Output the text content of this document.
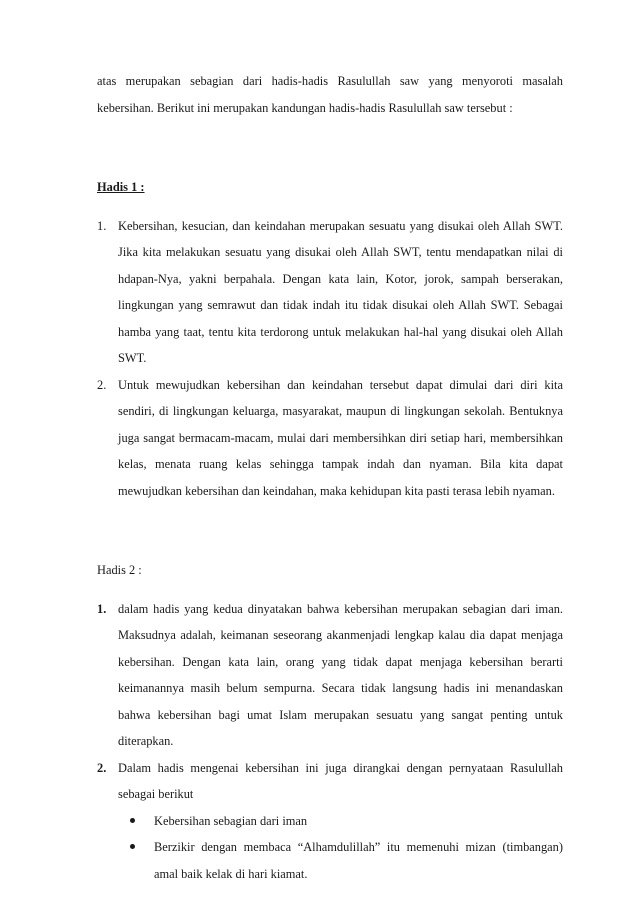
atas merupakan sebagian dari hadis-hadis Rasulullah saw yang menyoroti masalah kebersihan. Berikut ini merupakan kandungan hadis-hadis Rasulullah saw tersebut :

Hadis 1 :

1. Kebersihan, kesucian, dan keindahan merupakan sesuatu yang disukai oleh Allah SWT. Jika kita melakukan sesuatu yang disukai oleh Allah SWT, tentu mendapatkan nilai di hdapan-Nya, yakni berpahala. Dengan kata lain, Kotor, jorok, sampah berserakan, lingkungan yang semrawut dan tidak indah itu tidak disukai oleh Allah SWT. Sebagai hamba yang taat, tentu kita terdorong untuk melakukan hal-hal yang disukai oleh Allah SWT.
2. Untuk mewujudkan kebersihan dan keindahan tersebut dapat dimulai dari diri kita sendiri, di lingkungan keluarga, masyarakat, maupun di lingkungan sekolah. Bentuknya juga sangat bermacam-macam, mulai dari membersihkan diri setiap hari, membersihkan kelas, menata ruang kelas sehingga tampak indah dan nyaman. Bila kita dapat mewujudkan kebersihan dan keindahan, maka kehidupan kita pasti terasa lebih nyaman.

Hadis 2 :

1. dalam hadis yang kedua dinyatakan bahwa kebersihan merupakan sebagian dari iman. Maksudnya adalah, keimanan seseorang akanmenjadi lengkap kalau dia dapat menjaga kebersihan. Dengan kata lain, orang yang tidak dapat menjaga kebersihan berarti keimanannya masih belum sempurna. Secara tidak langsung hadis ini menandaskan bahwa kebersihan bagi umat Islam merupakan sesuatu yang sangat penting untuk diterapkan.
2. Dalam hadis mengenai kebersihan ini juga dirangkai dengan pernyataan Rasulullah sebagai berikut
Kebersihan sebagian dari iman
Berzikir dengan membaca “Alhamdulillah” itu memenuhi mizan (timbangan) amal baik kelak di hari kiamat.
